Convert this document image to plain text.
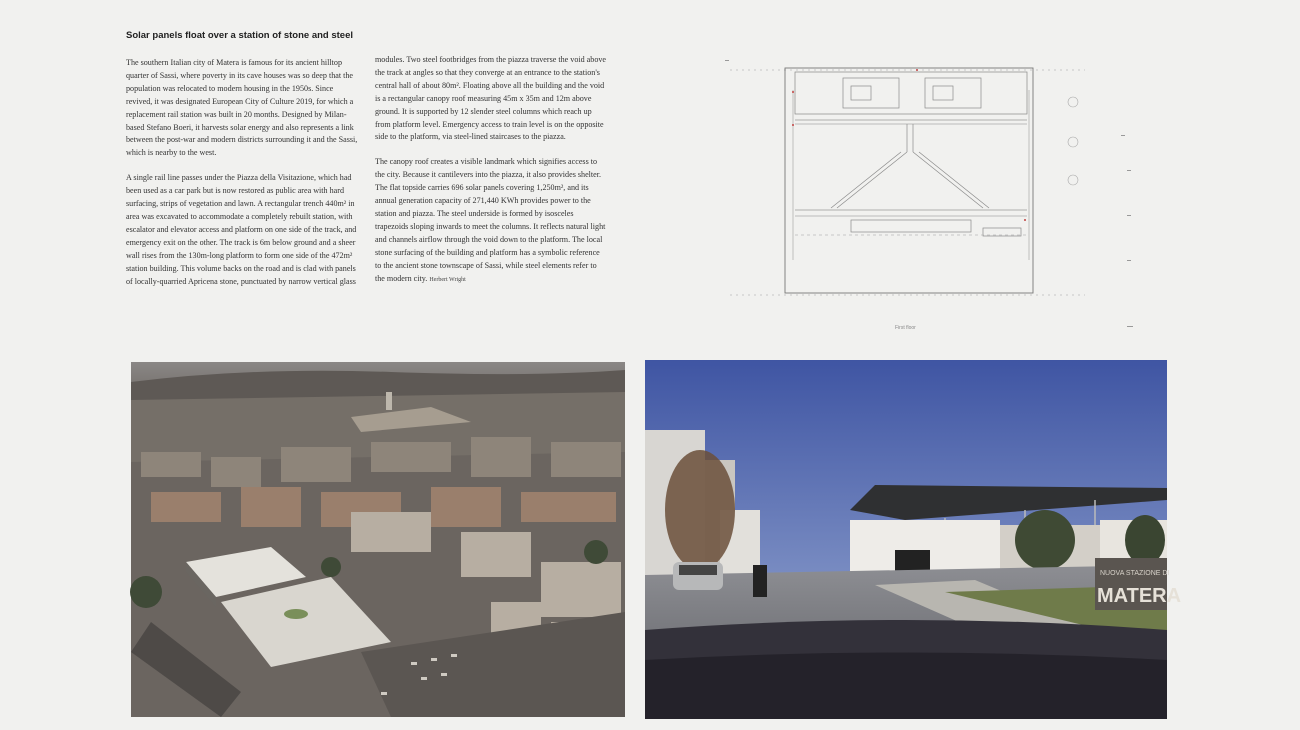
Solar panels float over a station of stone and steel

The southern Italian city of Matera is famous for its ancient hilltop quarter of Sassi, where poverty in its cave houses was so deep that the population was relocated to modern housing in the 1950s. Since revived, it was designated European City of Culture 2019, for which a replacement rail station was built in 20 months. Designed by Milan-based Stefano Boeri, it harvests solar energy and also represents a link between the post-war and modern districts surrounding it and the Sassi, which is nearby to the west.

A single rail line passes under the Piazza della Visitazione, which had been used as a car park but is now restored as public area with hard surfacing, strips of vegetation and lawn. A rectangular trench 440m² in area was excavated to accommodate a completely rebuilt station, with escalator and elevator access and platform on one side of the track, and emergency exit on the other. The track is 6m below ground and a sheer wall rises from the 130m-long platform to form one side of the 472m² station building. This volume backs on the road and is clad with panels of locally-quarried Apricena stone, punctuated by narrow vertical glass

modules. Two steel footbridges from the piazza traverse the void above the track at angles so that they converge at an entrance to the station's central hall of about 80m². Floating above all the building and the void is a rectangular canopy roof measuring 45m x 35m and 12m above ground. It is supported by 12 slender steel columns which reach up from platform level. Emergency access to train level is on the opposite side to the platform, via steel-lined staircases to the piazza.

The canopy roof creates a visible landmark which signifies access to the city. Because it cantilevers into the piazza, it also provides shelter. The flat topside carries 696 solar panels covering 1,250m², and its annual generation capacity of 271,440 KWh provides power to the station and piazza. The steel underside is formed by isosceles trapezoids sloping inwards to meet the columns. It reflects natural light and channels airflow through the void down to the platform. The local stone surfacing of the building and platform has a symbolic reference to the ancient stone townscape of Sassi, while steel elements refer to the modern city. Herbert Wright

First floor
NUOVA STAZIONE DI
MATERA
